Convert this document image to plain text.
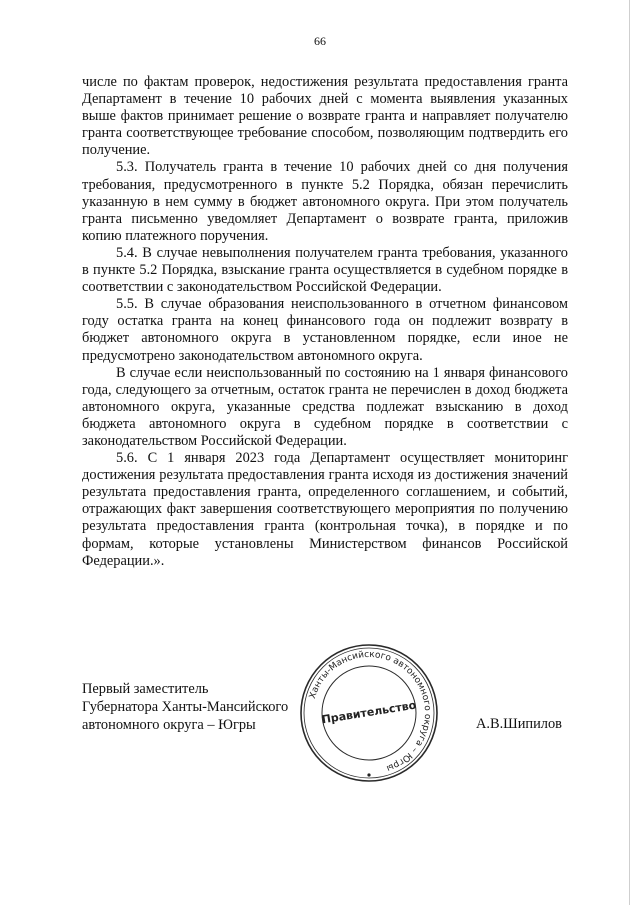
66

числе по фактам проверок, недостижения результата предоставления гранта Департамент в течение 10 рабочих дней с момента выявления указанных выше фактов принимает решение о возврате гранта и направляет получателю гранта соответствующее требование способом, позволяющим подтвердить его получение.

5.3. Получатель гранта в течение 10 рабочих дней со дня получения требования, предусмотренного в пункте 5.2 Порядка, обязан перечислить указанную в нем сумму в бюджет автономного округа. При этом получатель гранта письменно уведомляет Департамент о возврате гранта, приложив копию платежного поручения.

5.4. В случае невыполнения получателем гранта требования, указанного в пункте 5.2 Порядка, взыскание гранта осуществляется в судебном порядке в соответствии с законодательством Российской Федерации.

5.5. В случае образования неиспользованного в отчетном финансовом году остатка гранта на конец финансового года он подлежит возврату в бюджет автономного округа в установленном порядке, если иное не предусмотрено законодательством автономного округа.

В случае если неиспользованный по состоянию на 1 января финансового года, следующего за отчетным, остаток гранта не перечислен в доход бюджета автономного округа, указанные средства подлежат взысканию в доход бюджета автономного округа в судебном порядке в соответствии с законодательством Российской Федерации.

5.6. С 1 января 2023 года Департамент осуществляет мониторинг достижения результата предоставления гранта исходя из достижения значений результата предоставления гранта, определенного соглашением, и событий, отражающих факт завершения соответствующего мероприятия по получению результата предоставления гранта (контрольная точка), в порядке и по формам, которые установлены Министерством финансов Российской Федерации.».

Первый заместитель
Губернатора Ханты-Мансийского
автономного округа – Югры
Ханты-Мансийского автономного округа – Югры
Правительство	А.В.Шипилов
